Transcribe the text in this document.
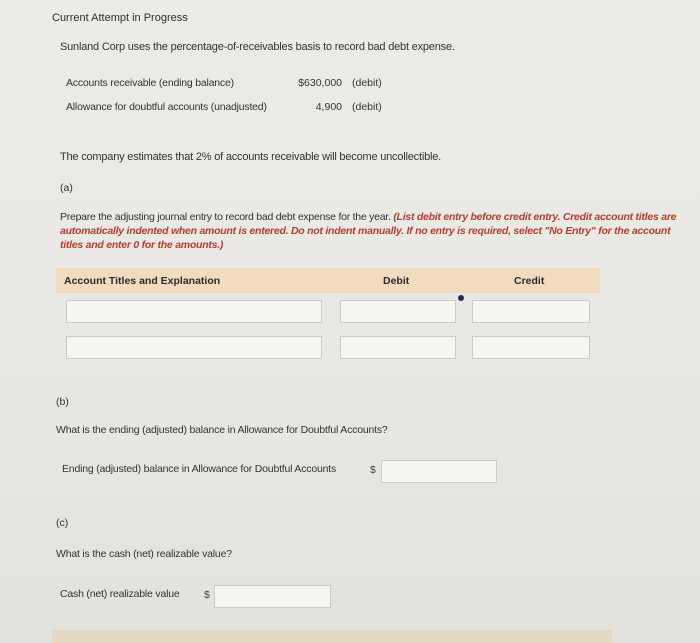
Current Attempt in Progress
Sunland Corp uses the percentage-of-receivables basis to record bad debt expense.
Accounts receivable (ending balance)	$630,000 (debit)
Allowance for doubtful accounts (unadjusted)	4,900 (debit)
The company estimates that 2% of accounts receivable will become uncollectible.
(a)
Prepare the adjusting journal entry to record bad debt expense for the year. (List debit entry before credit entry. Credit account titles are automatically indented when amount is entered. Do not indent manually. If no entry is required, select "No Entry" for the account titles and enter 0 for the amounts.)
Account Titles and Explanation	Debit	Credit
(b)
What is the ending (adjusted) balance in Allowance for Doubtful Accounts?
Ending (adjusted) balance in Allowance for Doubtful Accounts	$
(c)
What is the cash (net) realizable value?
Cash (net) realizable value $
